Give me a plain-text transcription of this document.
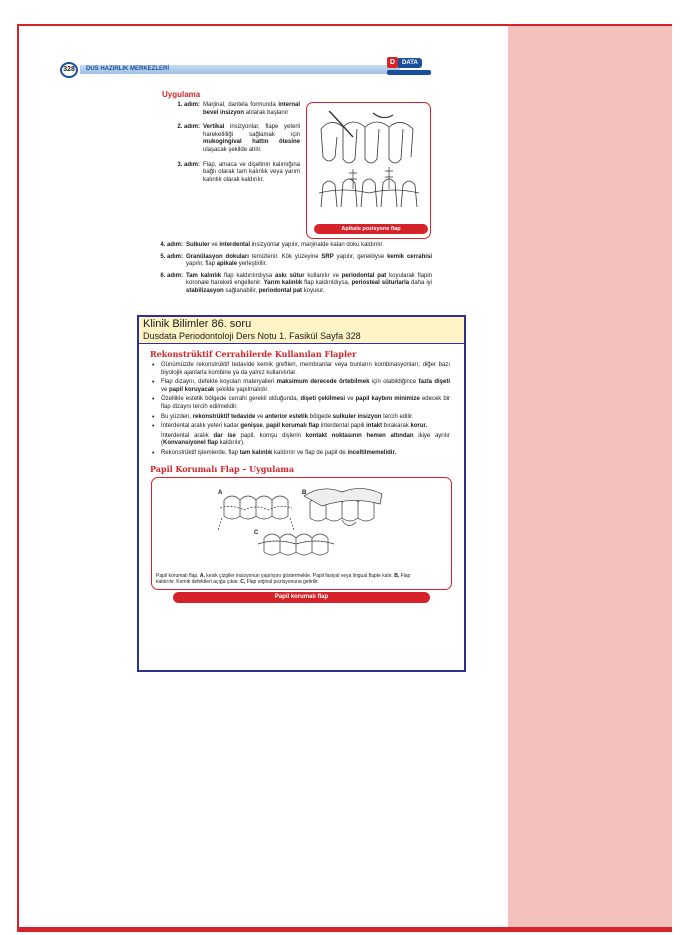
328	DUS HAZIRLIK MERKEZLERİ
D	DATA
Uygulama
1. adım: Marjinal, dantela formunda internal bevel insizyon atılarak başlanır
2. adım: Vertikal insizyonlar, flape yeterli hareketliliği sağlamak için mukogingival hattın ötesine ulaşacak şekilde atılır.
3. adım: Flap, amaca ve dişetinin kalınlığına bağlı olarak tam kalınlık veya yarım kalınlık olarak kaldırılır.
Apikale pozisyone flap
4. adım: Sulkuler ve interdental insizyonlar yapılır, marjinalde kalan doku kaldırılır.
5. adım: Granülasyon dokuları temizlenir. Kök yüzeyine SRP yapılır, gerekliyse kemik cerrahisi yapılır, flap apikale yerleştirilir.
6. adım: Tam kalınlık flap kaldırılırdıysa askı sütur kullanılır ve periodontal pat koyularak flapin koronale hareketi engellenir. Yarım kalınlık flap kaldırıldıysa, periosteal süturlarla daha iyi stabilizasyon sağlanabilir, periodontal pat koyulur.
Klinik Bilimler 86. soru
Dusdata Periodontoloji Ders Notu 1. Fasikül Sayfa 328
Rekonstrüktif Cerrahilerde Kullanılan Flapler
• Günümüzde rekonstrüktif tedavide kemik greftleri, membranlar veya bunların kombinasyonları; diğer bazı biyolojik ajanlarla kombine ya da yalnız kullanılırlar.
• Flap dizaynı, defekte koyulan materyalleri maksimum derecede örtebilmek için olabildiğince fazla dişeti ve papil koruyacak şekilde yapılmalıdır.
• Özellikle estetik bölgede cerrahi gerekli olduğunda, dişeti çekilmesi ve papil kaybını minimize edecek bir flap dizaynı tercih edilmelidir.
• Bu yüzden, rekonstrüktif tedavide ve anterior estetik bölgede sulkuler insizyon tercih edilir.
• İnterdental aralık yeteri kadar genişse, papil korumalı flap interdental papili intakt bırakarak korur.
İnterdental aralık dar ise papil, komşu dişlerin kontakt noktasının hemen altından ikiye ayrılır (Konvansiyonel flap kaldırılır).
• Rekonstrüktif işlemlerde, flap tam kalınlık kaldırılır ve flap de papil de inceltilmemelidir.
Papil Korumalı Flap – Uygulama
A	B
C
Papil korumalı flap. A, kesik çizgiler insizyonun yapılışını göstermekte. Papil fasiyal veya lingual flapte kalır. B, Flap kaldırılır. Kemik defektleri açığa çıkar. C, Flap orijinal pozisyonuna getirilir.
Papil korumalı flap
